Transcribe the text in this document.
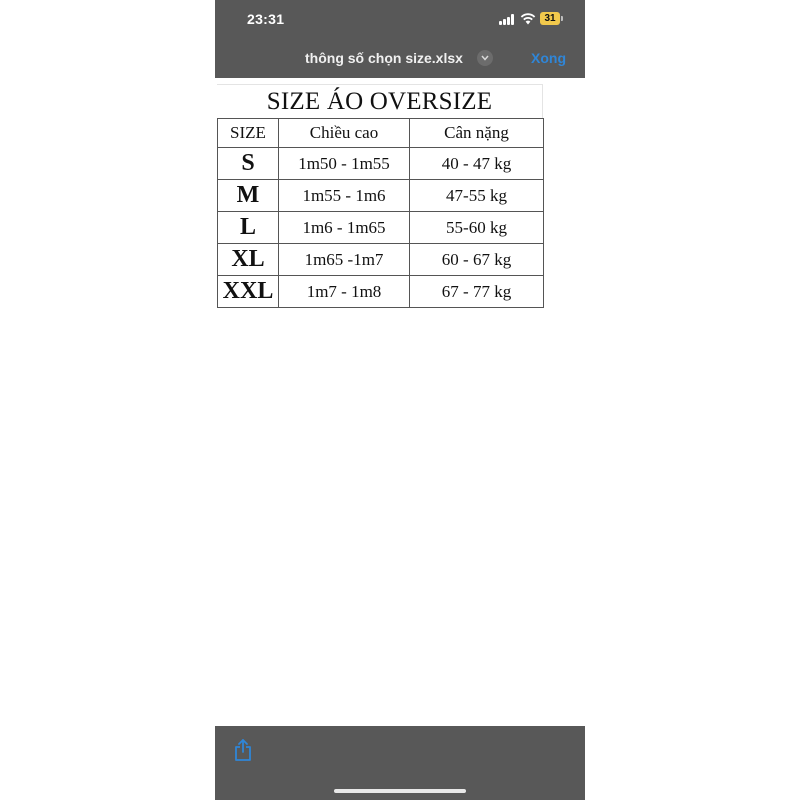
23:31	31
thông số chọn size.xlsx	Xong
SIZE ÁO OVERSIZE
SIZE	Chiều cao	Cân nặng
S	1m50 - 1m55	40 - 47 kg
M	1m55 - 1m6	47-55 kg
L	1m6 - 1m65	55-60 kg
XL	1m65 -1m7	60 - 67 kg
XXL	1m7 - 1m8	67 - 77 kg
